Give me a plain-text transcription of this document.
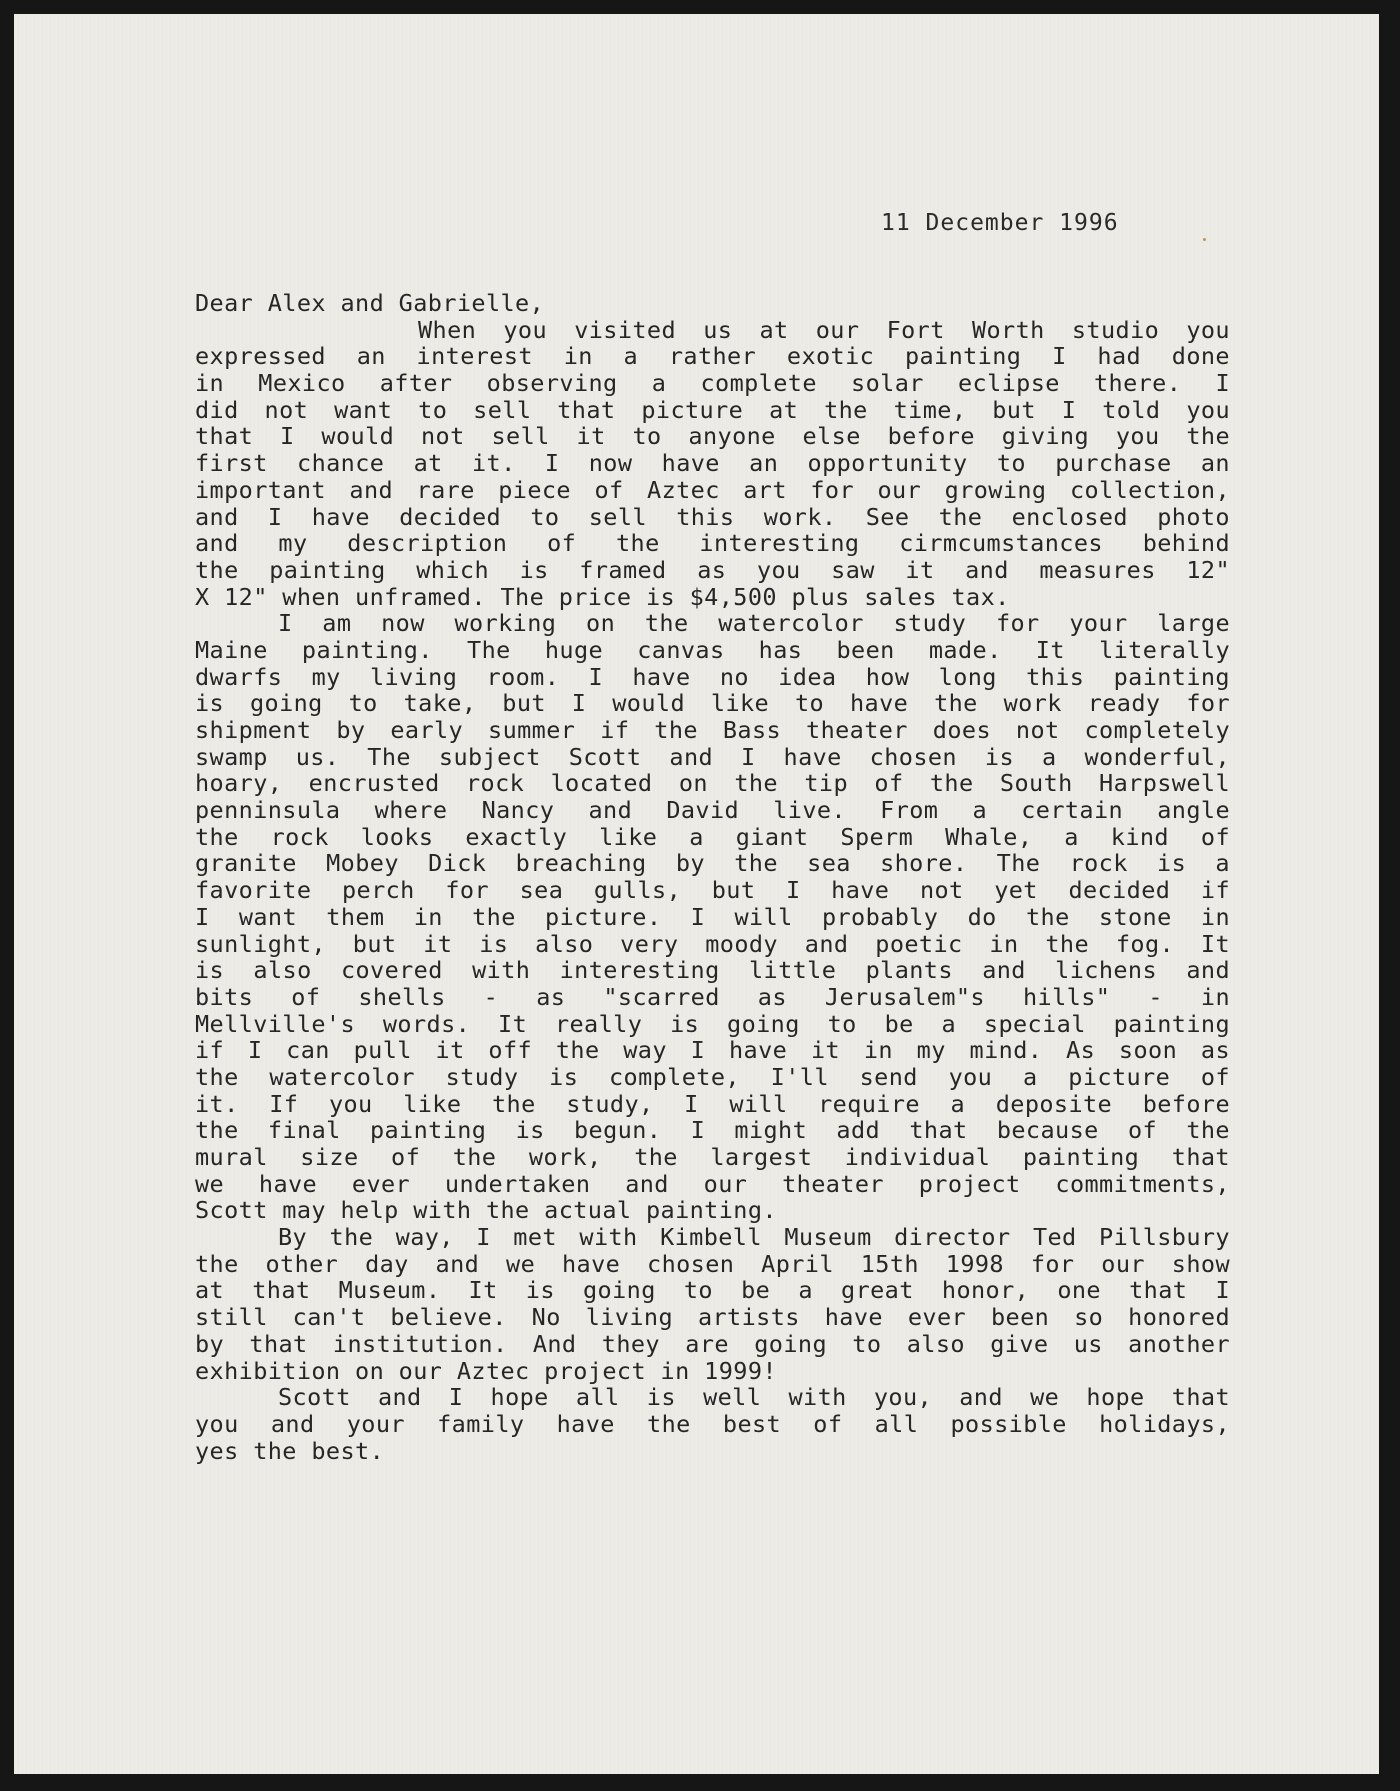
11 December 1996
Dear Alex and Gabrielle,
When you visited us at our Fort Worth studio you
expressed an interest in a rather exotic painting I had done
in Mexico after observing a complete solar eclipse there. I
did not want to sell that picture at the time, but I told you
that I would not sell it to anyone else before giving you the
first chance at it. I now have an opportunity to purchase an
important and rare piece of Aztec art for our growing collection,
and I have decided to sell this work. See the enclosed photo
and my description of the interesting cirmcumstances behind
the painting which is framed as you saw it and measures 12"
X 12" when unframed. The price is $4,500 plus sales tax.
I am now working on the watercolor study for your large
Maine painting. The huge canvas has been made. It literally
dwarfs my living room. I have no idea how long this painting
is going to take, but I would like to have the work ready for
shipment by early summer if the Bass theater does not completely
swamp us. The subject Scott and I have chosen is a wonderful,
hoary, encrusted rock located on the tip of the South Harpswell
penninsula where Nancy and David live. From a certain angle
the rock looks exactly like a giant Sperm Whale, a kind of
granite Mobey Dick breaching by the sea shore. The rock is a
favorite perch for sea gulls, but I have not yet decided if
I want them in the picture. I will probably do the stone in
sunlight, but it is also very moody and poetic in the fog. It
is also covered with interesting little plants and lichens and
bits of shells - as "scarred as Jerusalem"s hills" - in
Mellville's words. It really is going to be a special painting
if I can pull it off the way I have it in my mind. As soon as
the watercolor study is complete, I'll send you a picture of
it. If you like the study, I will require a deposite before
the final painting is begun. I might add that because of the
mural size of the work, the largest individual painting that
we have ever undertaken and our theater project commitments,
Scott may help with the actual painting.
By the way, I met with Kimbell Museum director Ted Pillsbury
the other day and we have chosen April 15th 1998 for our show
at that Museum. It is going to be a great honor, one that I
still can't believe. No living artists have ever been so honored
by that institution. And they are going to also give us another
exhibition on our Aztec project in 1999!
Scott and I hope all is well with you, and we hope that
you and your family have the best of all possible holidays,
yes the best.
